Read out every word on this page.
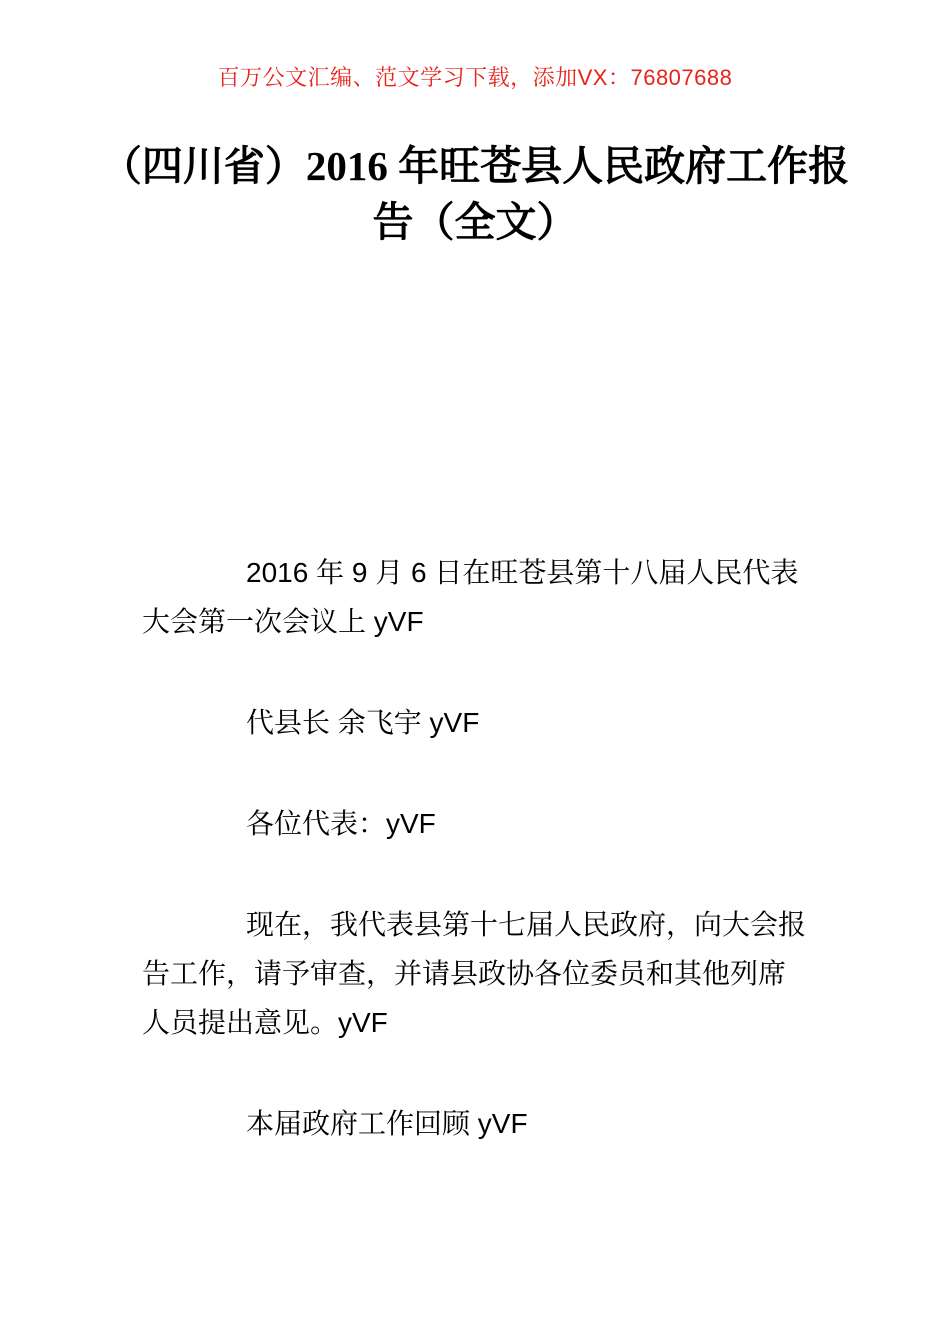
百万公文汇编、范文学习下载，添加VX：76807688
（四川省）2016 年旺苍县人民政府工作报
告（全文）

2016 年 9 月 6 日在旺苍县第十八届人民代表大会第一次会议上 yVF

代县长 余飞宇 yVF

各位代表：yVF

现在，我代表县第十七届人民政府，向大会报告工作，请予审查，并请县政协各位委员和其他列席人员提出意见。yVF

本届政府工作回顾 yVF
